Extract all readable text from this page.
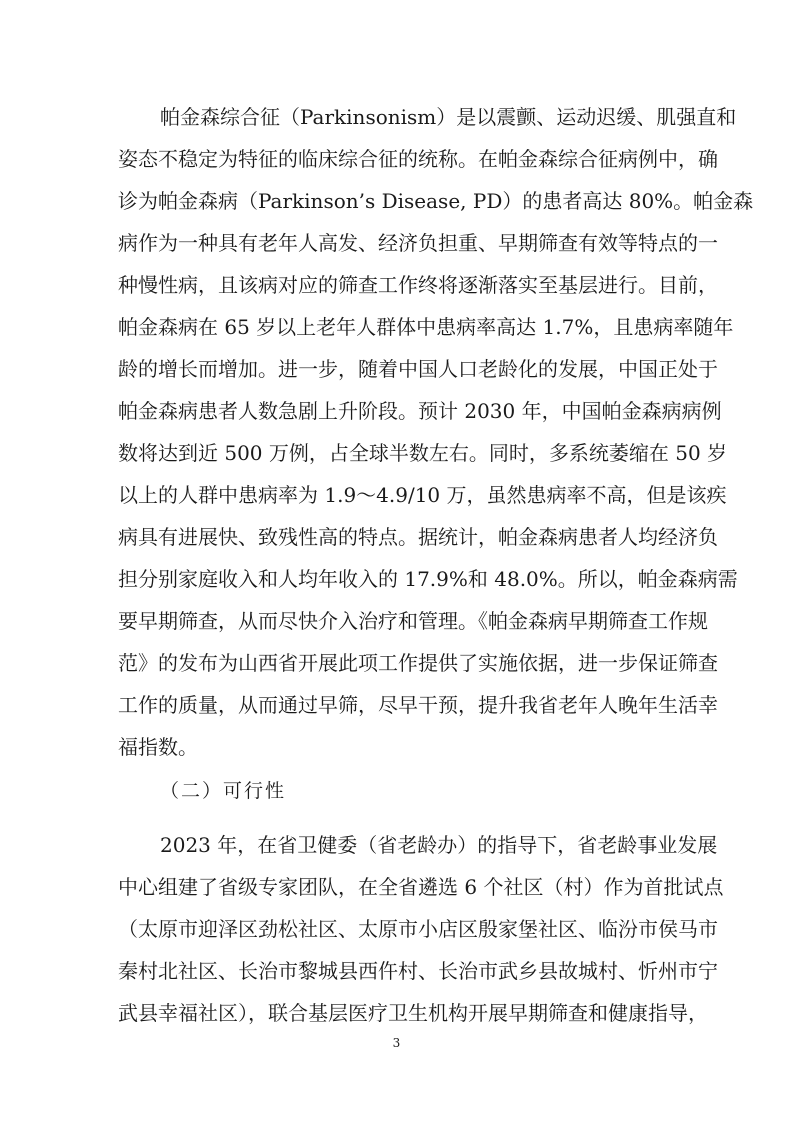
帕金森综合征（Parkinsonism）是以震颤、运动迟缓、肌强直和
姿态不稳定为特征的临床综合征的统称。在帕金森综合征病例中，确
诊为帕金森病（Parkinson’s Disease, PD）的患者高达 80%。帕金森
病作为一种具有老年人高发、经济负担重、早期筛查有效等特点的一
种慢性病，且该病对应的筛查工作终将逐渐落实至基层进行。目前，
帕金森病在 65 岁以上老年人群体中患病率高达 1.7%，且患病率随年
龄的增长而增加。进一步，随着中国人口老龄化的发展，中国正处于
帕金森病患者人数急剧上升阶段。预计 2030 年，中国帕金森病病例
数将达到近 500 万例，占全球半数左右。同时，多系统萎缩在 50 岁
以上的人群中患病率为 1.9～4.9/10 万，虽然患病率不高，但是该疾
病具有进展快、致残性高的特点。据统计，帕金森病患者人均经济负
担分别家庭收入和人均年收入的 17.9%和 48.0%。所以，帕金森病需
要早期筛查，从而尽快介入治疗和管理。《帕金森病早期筛查工作规
范》的发布为山西省开展此项工作提供了实施依据，进一步保证筛查
工作的质量，从而通过早筛，尽早干预，提升我省老年人晚年生活幸
福指数。
（二）可行性
2023 年，在省卫健委（省老龄办）的指导下，省老龄事业发展
中心组建了省级专家团队，在全省遴选 6 个社区（村）作为首批试点
（太原市迎泽区劲松社区、太原市小店区殷家堡社区、临汾市侯马市
秦村北社区、长治市黎城县西仵村、长治市武乡县故城村、忻州市宁
武县幸福社区），联合基层医疗卫生机构开展早期筛查和健康指导，
3
